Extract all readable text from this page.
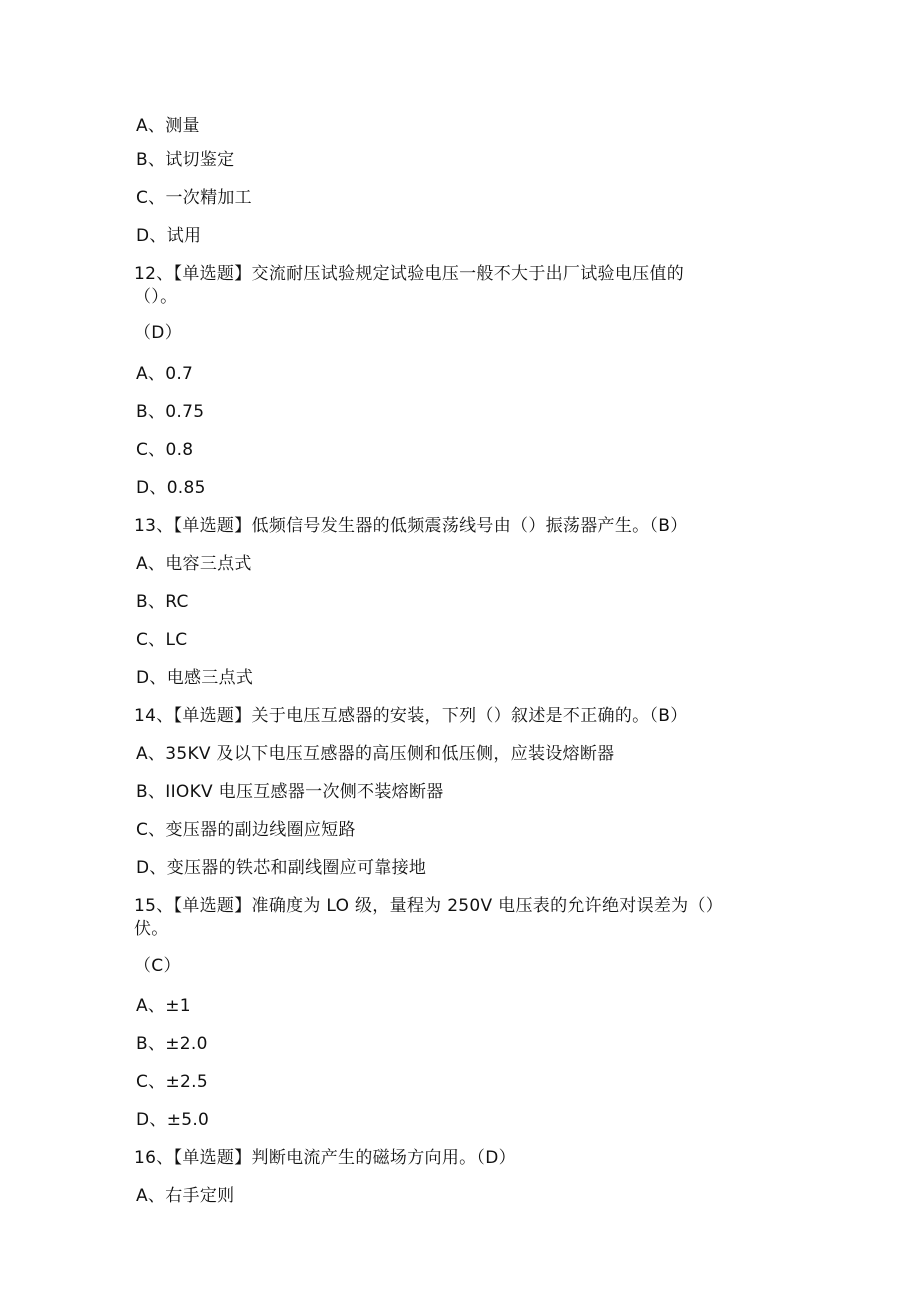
A、测量
B、试切鉴定
C、一次精加工
D、试用
12、【单选题】交流耐压试验规定试验电压一般不大于出厂试验电压值的
（）。
（D）
A、0.7
B、0.75
C、0.8
D、0.85
13、【单选题】低频信号发生器的低频震荡线号由（）振荡器产生。（B）
A、电容三点式
B、RC
C、LC
D、电感三点式
14、【单选题】关于电压互感器的安装，下列（）叙述是不正确的。（B）
A、35KV 及以下电压互感器的高压侧和低压侧，应装设熔断器
B、IIOKV 电压互感器一次侧不装熔断器
C、变压器的副边线圈应短路
D、变压器的铁芯和副线圈应可靠接地
15、【单选题】准确度为 LO 级，量程为 250V 电压表的允许绝对误差为（）
伏。
（C）
A、±1
B、±2.0
C、±2.5
D、±5.0
16、【单选题】判断电流产生的磁场方向用。（D）
A、右手定则
